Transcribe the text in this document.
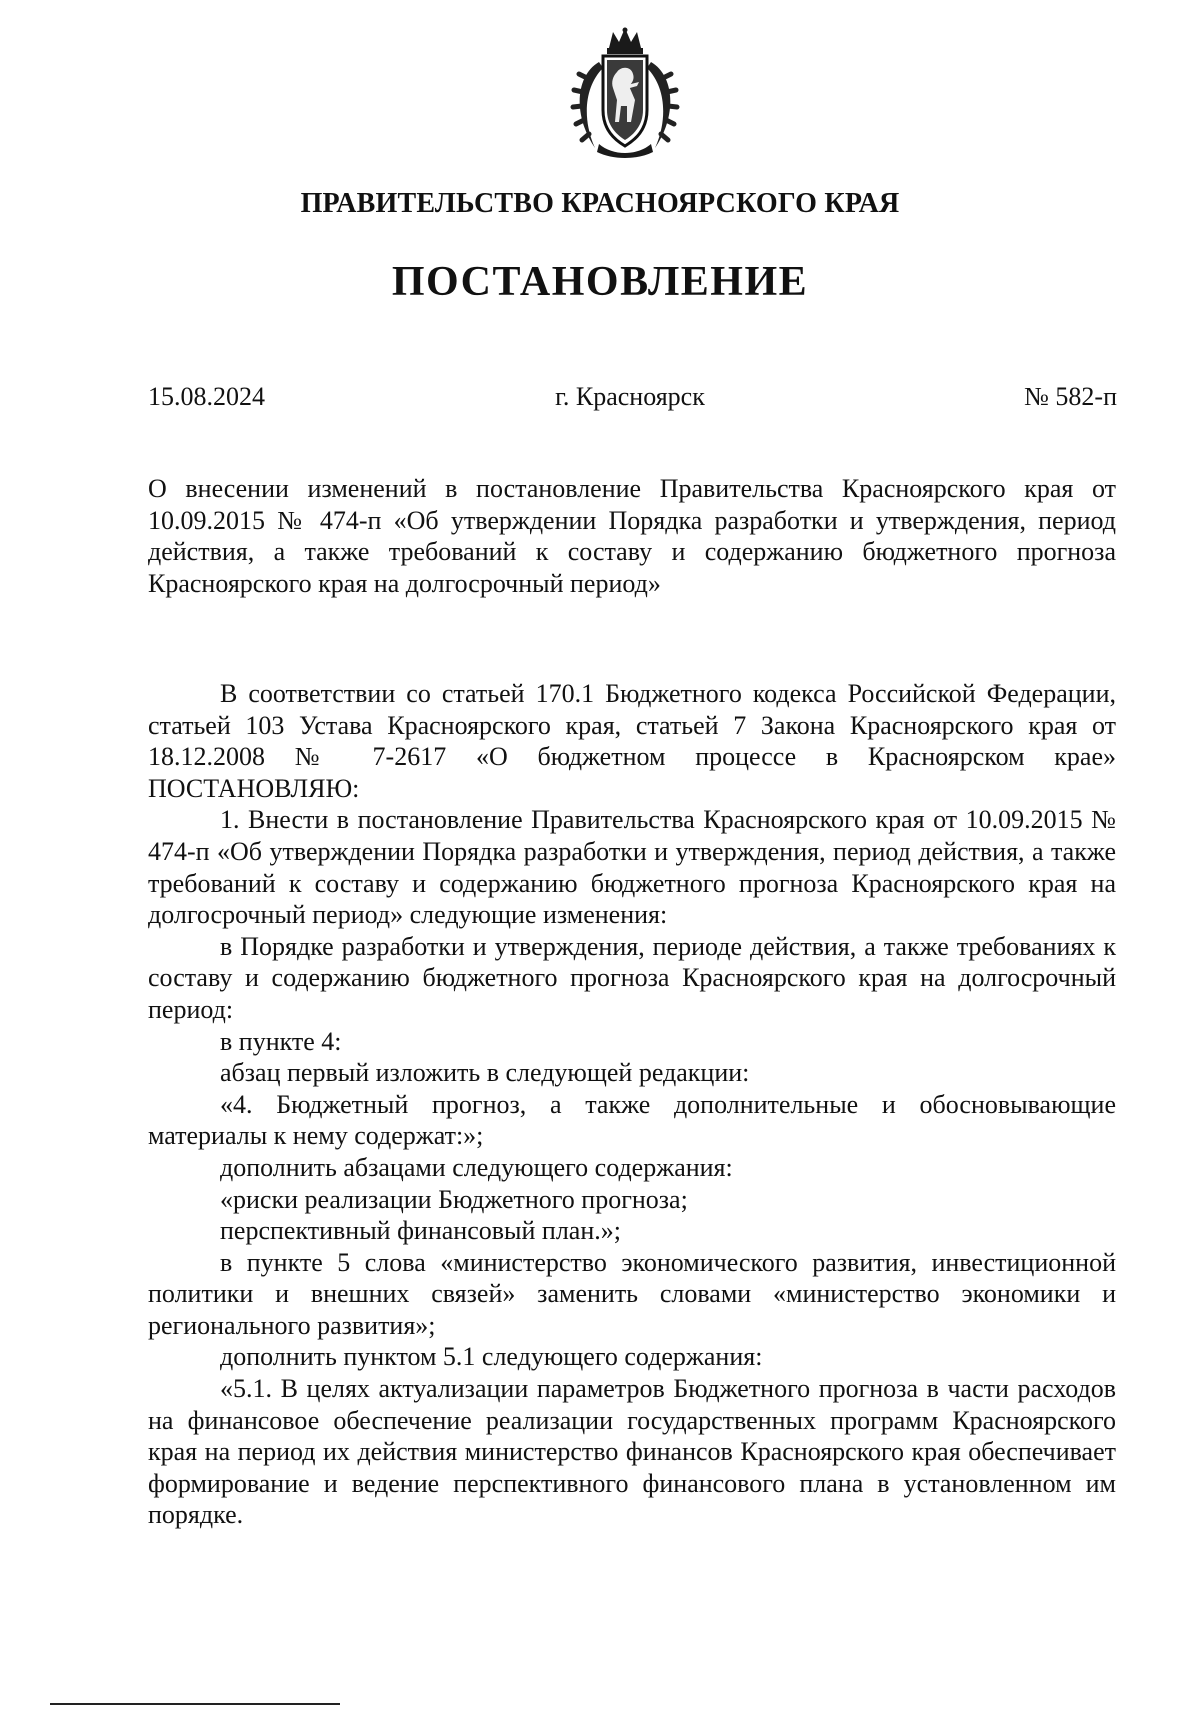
ПРАВИТЕЛЬСТВО КРАСНОЯРСКОГО КРАЯ
ПОСТАНОВЛЕНИЕ
15.08.2024	г. Красноярск	№ 582-п
О внесении изменений в постановление Правительства Красноярского края от 10.09.2015 № 474-п «Об утверждении Порядка разработки и утверждения, период действия, а также требований к составу и содержанию бюджетного прогноза Красноярского края на долгосрочный период»

В соответствии со статьей 170.1 Бюджетного кодекса Российской Федерации, статьей 103 Устава Красноярского края, статьей 7 Закона Красноярского края от 18.12.2008 № 7-2617 «О бюджетном процессе в Красноярском крае» ПОСТАНОВЛЯЮ:

1. Внести в постановление Правительства Красноярского края от 10.09.2015 № 474-п «Об утверждении Порядка разработки и утверждения, период действия, а также требований к составу и содержанию бюджетного прогноза Красноярского края на долгосрочный период» следующие изменения:

в Порядке разработки и утверждения, периоде действия, а также требованиях к составу и содержанию бюджетного прогноза Красноярского края на долгосрочный период:

в пункте 4:

абзац первый изложить в следующей редакции:

«4. Бюджетный прогноз, а также дополнительные и обосновывающие материалы к нему содержат:»;

дополнить абзацами следующего содержания:

«риски реализации Бюджетного прогноза;

перспективный финансовый план.»;

в пункте 5 слова «министерство экономического развития, инвестиционной политики и внешних связей» заменить словами «министерство экономики и регионального развития»;

дополнить пунктом 5.1 следующего содержания:

«5.1. В целях актуализации параметров Бюджетного прогноза в части расходов на финансовое обеспечение реализации государственных программ Красноярского края на период их действия министерство финансов Красноярского края обеспечивает формирование и ведение перспективного финансового плана в установленном им порядке.
